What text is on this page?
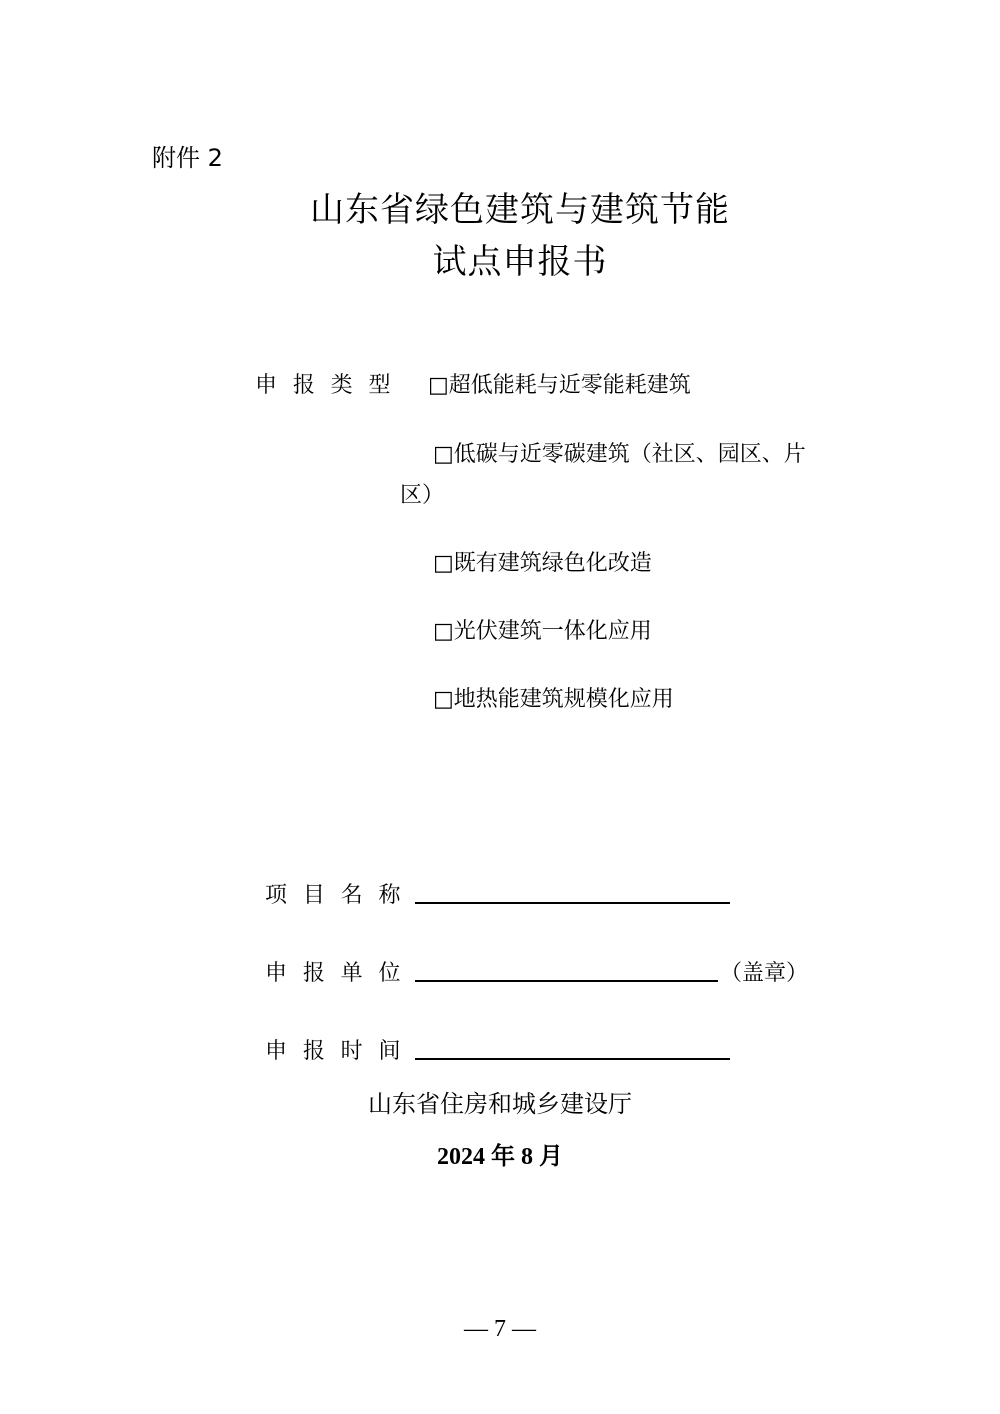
附件 2
山东省绿色建筑与建筑节能
试点申报书
申报类型 □超低能耗与近零能耗建筑
□低碳与近零碳建筑（社区、园区、片
区）
□既有建筑绿色化改造
□光伏建筑一体化应用
□地热能建筑规模化应用
项目名称
申报单位	（盖章）
申报时间
山东省住房和城乡建设厅
2024 年 8 月
— 7 —
